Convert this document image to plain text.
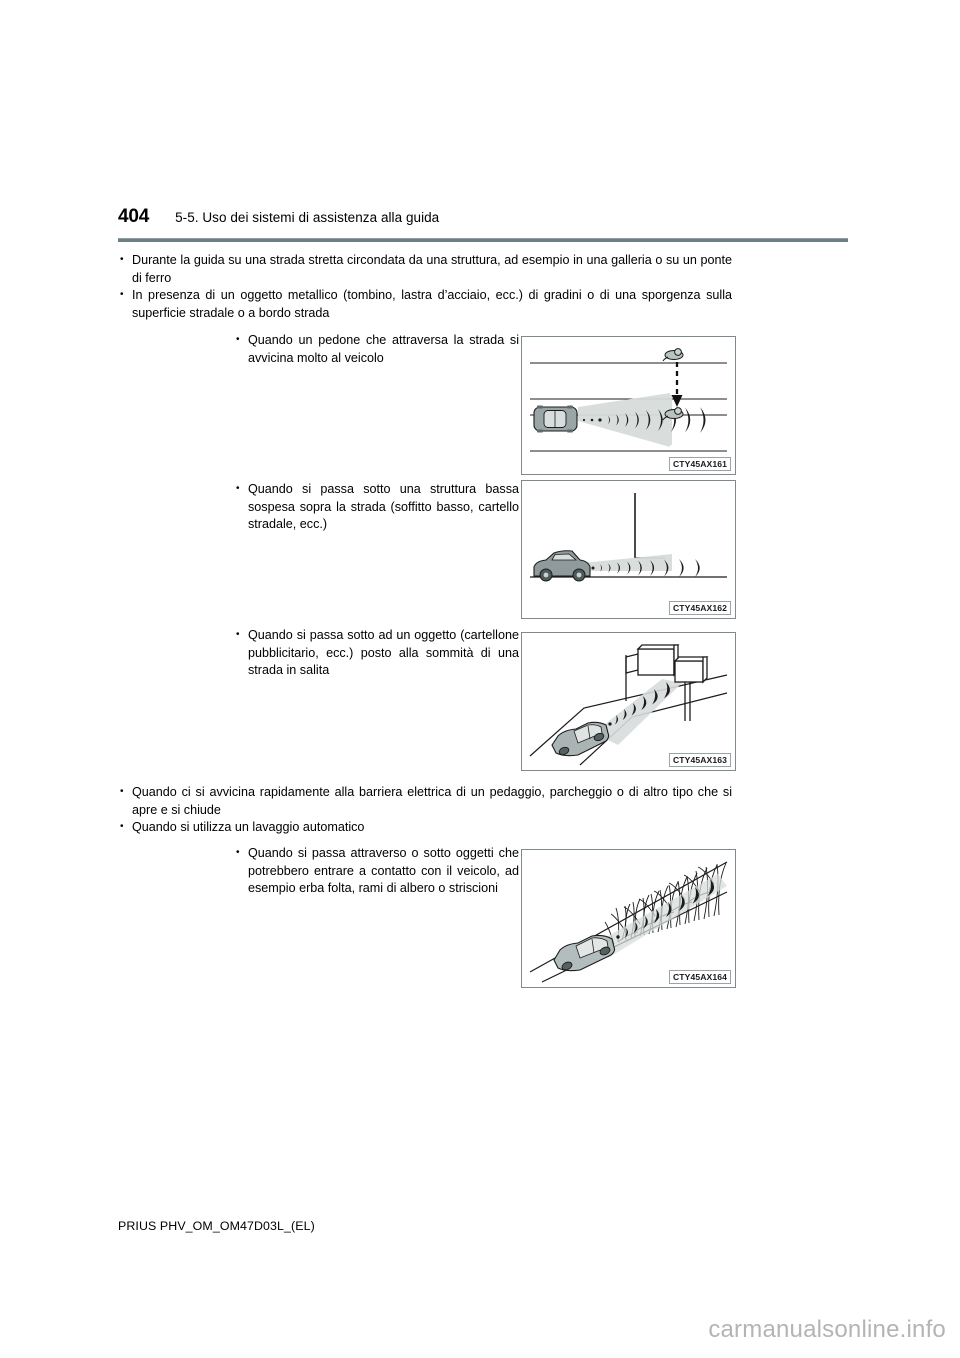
404 5-5. Uso dei sistemi di assistenza alla guida
• Durante la guida su una strada stretta circondata da una struttura, ad esempio in una galleria o su un ponte di ferro
• In presenza di un oggetto metallico (tombino, lastra d’acciaio, ecc.) di gradini o di una sporgenza sulla superficie stradale o a bordo strada
• Quando un pedone che attraversa la strada si avvicina molto al veicolo
CTY45AX161
• Quando si passa sotto una struttura bassa sospesa sopra la strada (soffitto basso, cartello stradale, ecc.)
CTY45AX162
• Quando si passa sotto ad un oggetto (cartellone pubblicitario, ecc.) posto alla sommità di una strada in salita
CTY45AX163
• Quando ci si avvicina rapidamente alla barriera elettrica di un pedaggio, parcheggio o di altro tipo che si apre e si chiude
• Quando si utilizza un lavaggio automatico
• Quando si passa attraverso o sotto oggetti che potrebbero entrare a contatto con il veicolo, ad esempio erba folta, rami di albero o striscioni
CTY45AX164
PRIUS PHV_OM_OM47D03L_(EL)
carmanualsonline.info
